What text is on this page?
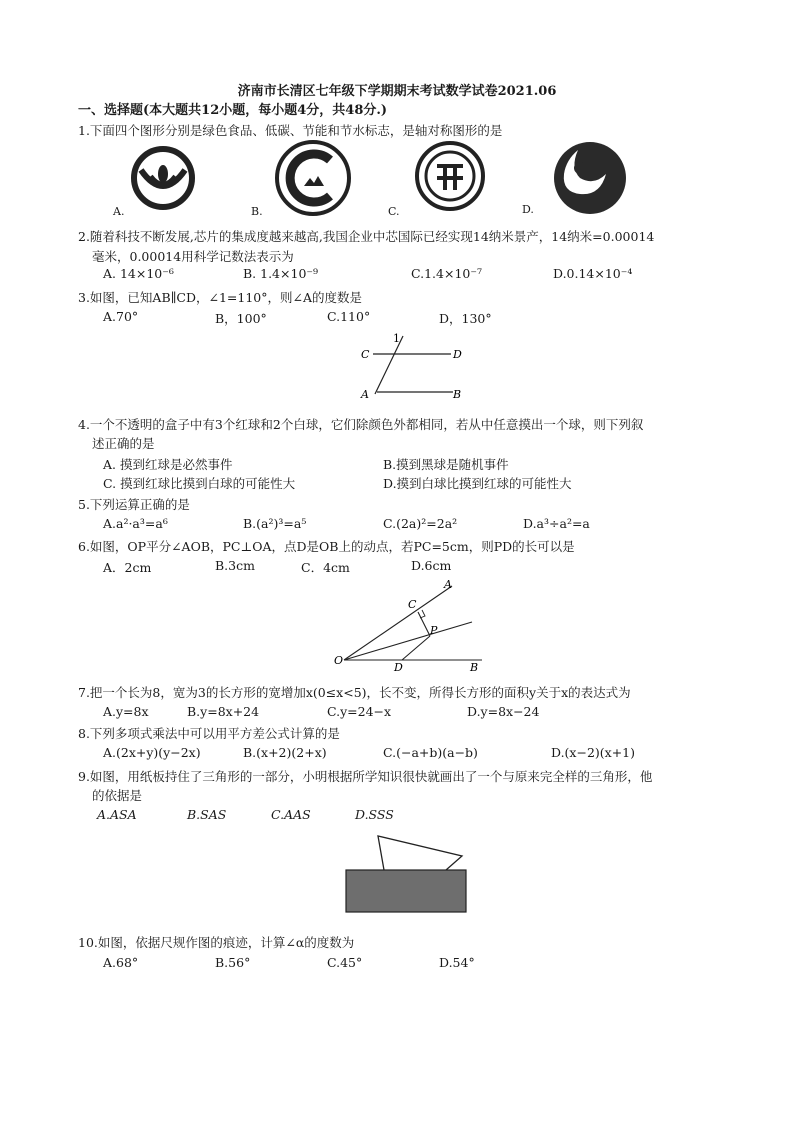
济南市长清区七年级下学期期末考试数学试卷2021.06
一、选择题(本大题共12小题，每小题4分，共48分.)
1.下面四个图形分别是绿色食品、低碳、节能和节水标志，是轴对称图形的是
A.	B.	C.	D.
2.随着科技不断发展,芯片的集成度越来越高,我国企业中芯国际已经实现14纳米景产，14纳米=0.00014
毫米，0.00014用科学记数法表示为
A. 14×10⁻⁶	B. 1.4×10⁻⁹	C.1.4×10⁻⁷	D.0.14×10⁻⁴
3.如图，已知AB∥CD，∠1=110°，则∠A的度数是
A.70°	B，100°	C.110°	D，130°
1
C	D
A	B
4.一个不透明的盒子中有3个红球和2个白球，它们除颜色外都相同，若从中任意摸出一个球，则下列叙
述正确的是
A. 摸到红球是必然事件	B.摸到黑球是随机事件
C. 摸到红球比摸到白球的可能性大	D.摸到白球比摸到红球的可能性大
5.下列运算正确的是
A.a²·a³=a⁶	B.(a²)³=a⁵	C.(2a)²=2a²	D.a³÷a²=a
6.如图，OP平分∠AOB，PC⊥OA，点D是OB上的动点，若PC=5cm，则PD的长可以是
A．2cm	B.3cm	C．4cm	D.6cm
A
C
P
O
D	B
7.把一个长为8，宽为3的长方形的宽增加x(0≤x<5)，长不变，所得长方形的面积y关于x的表达式为
A.y=8x	B.y=8x+24	C.y=24−x	D.y=8x−24
8.下列多项式乘法中可以用平方差公式计算的是
A.(2x+y)(y−2x)	B.(x+2)(2+x)	C.(−a+b)(a−b)	D.(x−2)(x+1)
9.如图，用纸板持住了三角形的一部分，小明根据所学知识很快就画出了一个与原来完全样的三角形，他
的依据是
A.ASA	B.SAS	C.AAS	D.SSS
10.如图，依据尺规作图的痕迹，计算∠α的度数为
A.68°	B.56°	C.45°	D.54°
